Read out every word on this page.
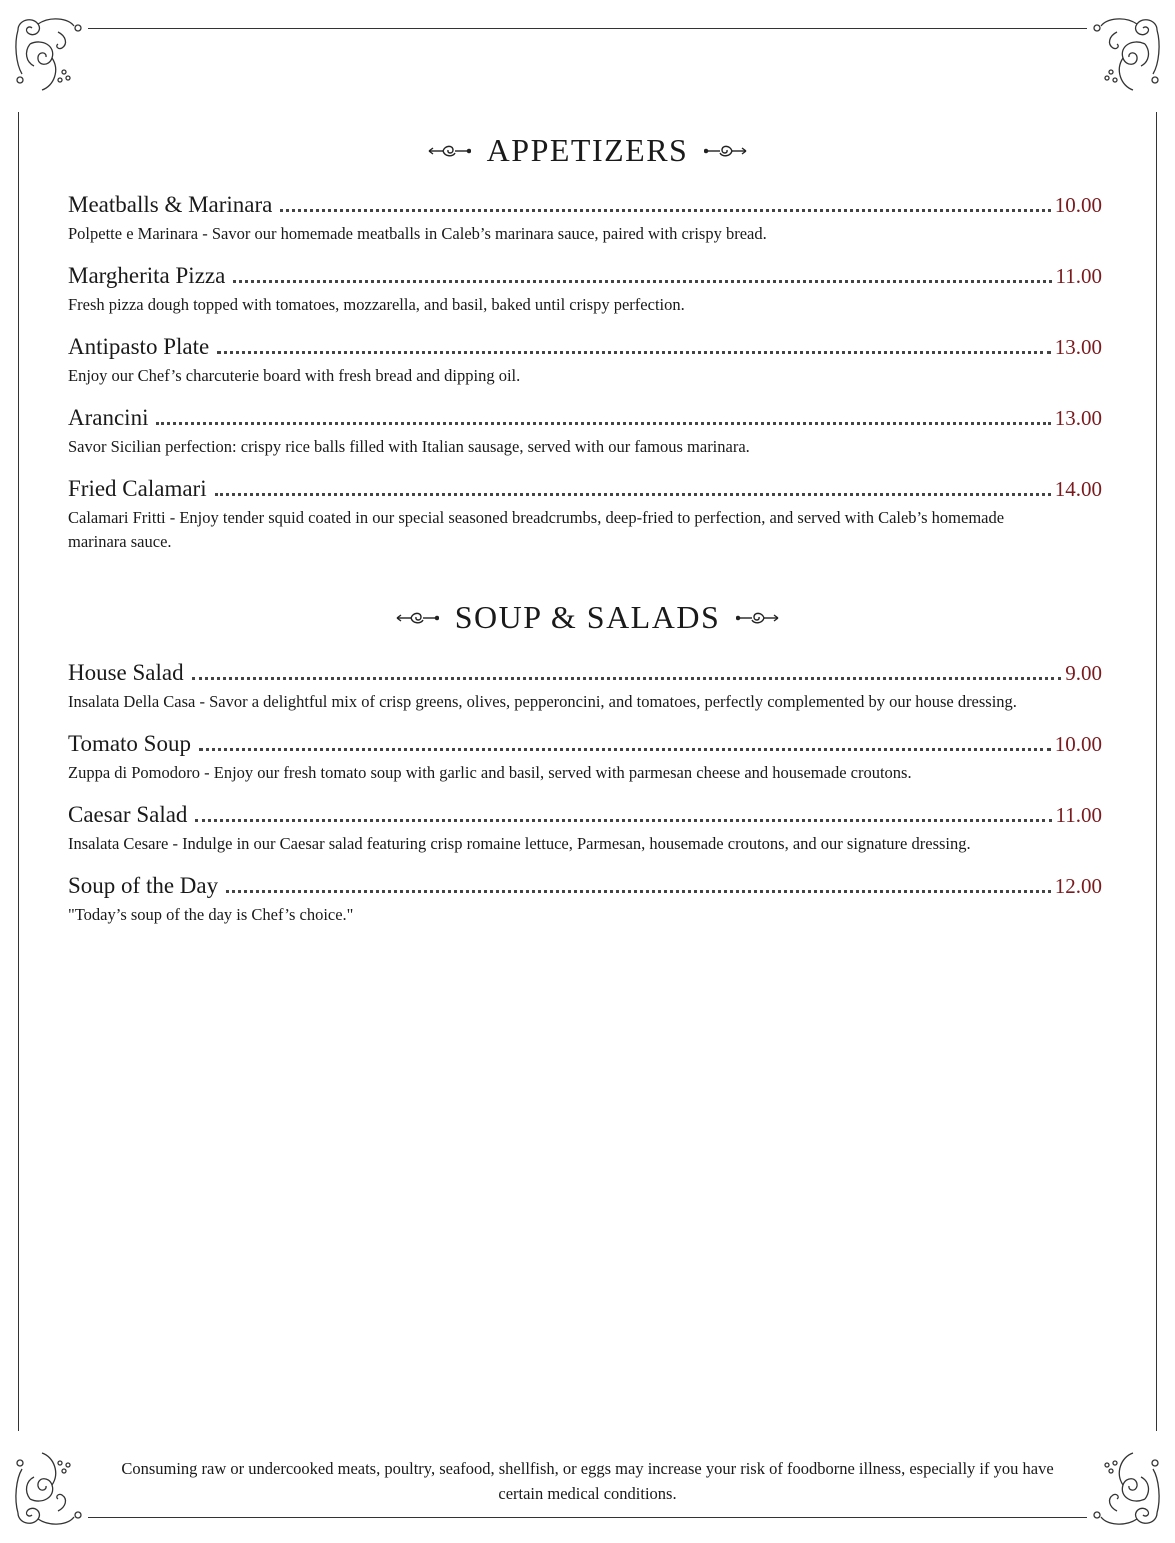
APPETIZERS
Meatballs & Marinara	10.00
Polpette e Marinara - Savor our homemade meatballs in Caleb’s marinara sauce, paired with crispy bread.
Margherita Pizza	11.00
Fresh pizza dough topped with tomatoes, mozzarella, and basil, baked until crispy perfection.
Antipasto Plate	13.00
Enjoy our Chef’s charcuterie board with fresh bread and dipping oil.
Arancini	13.00
Savor Sicilian perfection: crispy rice balls filled with Italian sausage, served with our famous marinara.
Fried Calamari	14.00
Calamari Fritti - Enjoy tender squid coated in our special seasoned breadcrumbs, deep-fried to perfection, and served with Caleb’s homemade marinara sauce.
SOUP & SALADS
House Salad	9.00
Insalata Della Casa - Savor a delightful mix of crisp greens, olives, pepperoncini, and tomatoes, perfectly complemented by our house dressing.
Tomato Soup	10.00
Zuppa di Pomodoro - Enjoy our fresh tomato soup with garlic and basil, served with parmesan cheese and housemade croutons.
Caesar Salad	11.00
Insalata Cesare - Indulge in our Caesar salad featuring crisp romaine lettuce, Parmesan, housemade croutons, and our signature dressing.
Soup of the Day	12.00
"Today’s soup of the day is Chef’s choice."
Consuming raw or undercooked meats, poultry, seafood, shellfish, or eggs may increase your risk of foodborne illness, especially if you have certain medical conditions.
